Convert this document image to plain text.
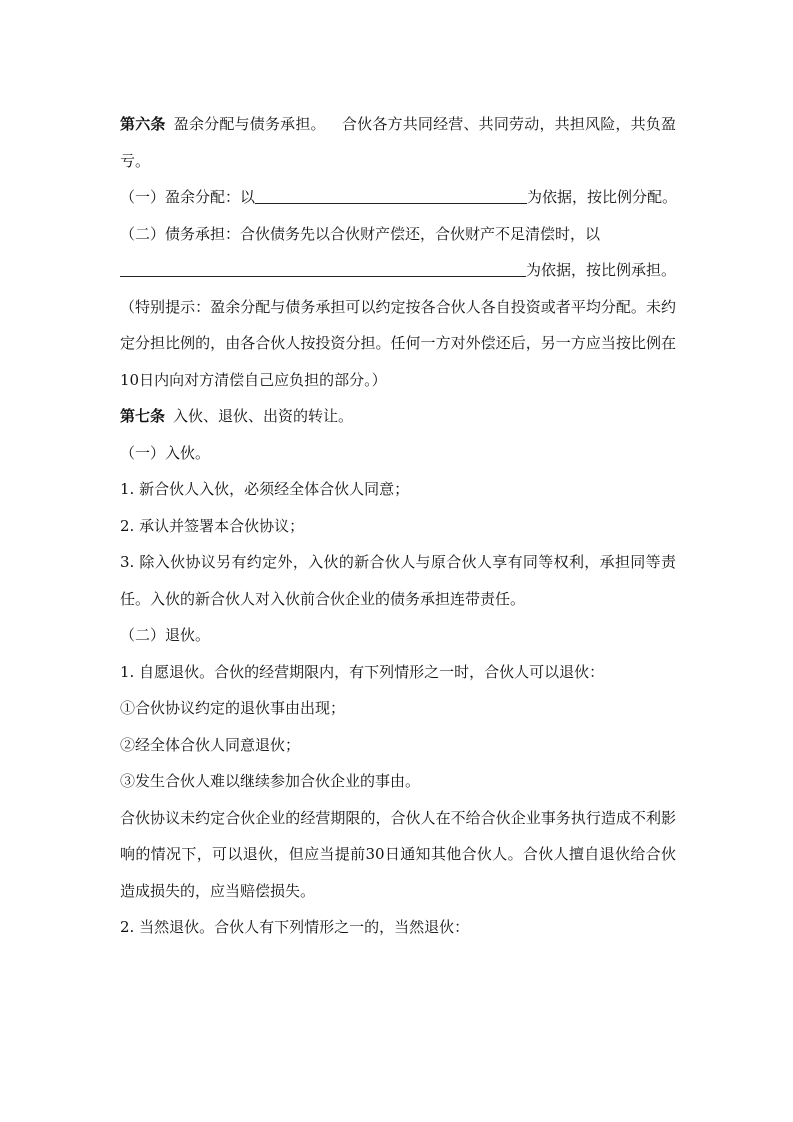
第六条 盈余分配与债务承担。 合伙各方共同经营、共同劳动，共担风险，共负盈亏。

（一）盈余分配：以	为依据，按比例分配。

（二）债务承担：合伙债务先以合伙财产偿还，合伙财产不足清偿时，以

为依据，按比例承担。

（特别提示：盈余分配与债务承担可以约定按各合伙人各自投资或者平均分配。未约定分担比例的，由各合伙人按投资分担。任何一方对外偿还后，另一方应当按比例在10日内向对方清偿自己应负担的部分。）

第七条 入伙、退伙、出资的转让。

（一）入伙。

1. 新合伙人入伙，必须经全体合伙人同意；

2. 承认并签署本合伙协议；

3. 除入伙协议另有约定外，入伙的新合伙人与原合伙人享有同等权利，承担同等责任。入伙的新合伙人对入伙前合伙企业的债务承担连带责任。

（二）退伙。

1. 自愿退伙。合伙的经营期限内，有下列情形之一时，合伙人可以退伙：

①合伙协议约定的退伙事由出现；

②经全体合伙人同意退伙；

③发生合伙人难以继续参加合伙企业的事由。

合伙协议未约定合伙企业的经营期限的，合伙人在不给合伙企业事务执行造成不利影响的情况下，可以退伙，但应当提前30日通知其他合伙人。合伙人擅自退伙给合伙造成损失的，应当赔偿损失。

2. 当然退伙。合伙人有下列情形之一的，当然退伙：
